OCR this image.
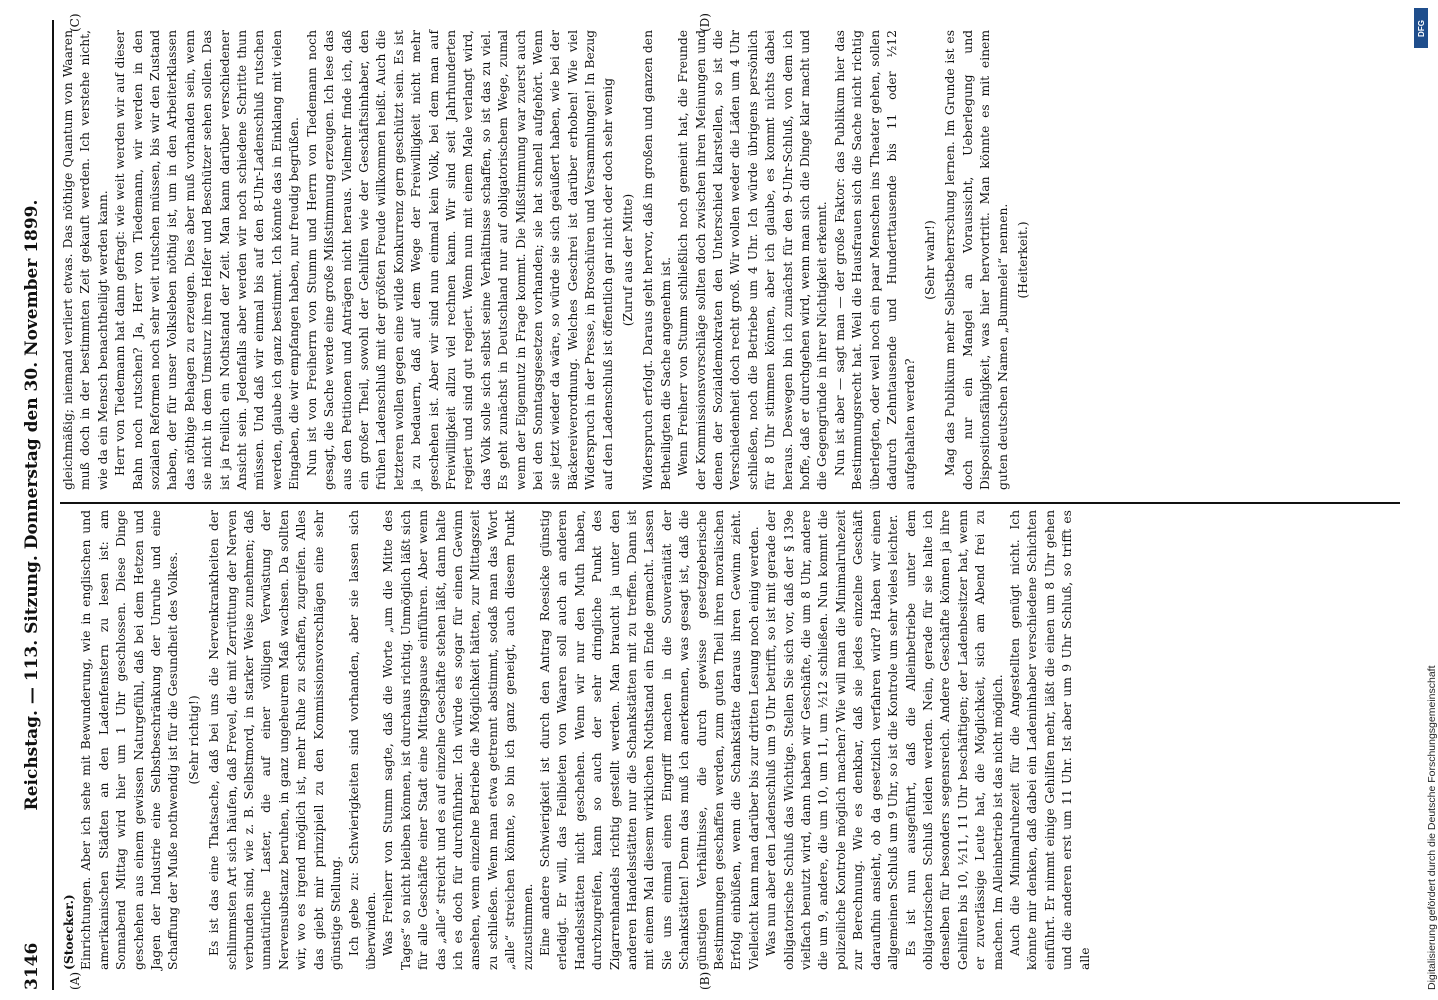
3146
Reichstag. — 113. Sitzung. Donnerstag den 30. November 1899.
(A)	(B)
(C)	(D)

(Stoecker.) Einrichtungen. Aber ich sehe mit Bewunderung, wie in englischen und amerikanischen Städten an den Ladenfenstern zu lesen ist: am Sonnabend Mittag wird hier um 1 Uhr geschlossen. Diese Dinge geschehen aus einem gewissen Naturgefühl, daß bei dem Hetzen und Jagen der Industrie eine Selbstbeschränkung der Unruhe und eine Schaffung der Muße nothwendig ist für die Gesundheit des Volkes. (Sehr richtig!) Es ist das eine Thatsache, daß bei uns die Nervenkrankheiten der schlimmsten Art sich häufen, daß Frevel, die mit Zerrüttung der Nerven verbunden sind, wie z. B. Selbstmord, in starker Weise zunehmen; daß unnatürliche Laster, die auf einer völligen Verwüstung der Nervensubstanz beruhen, in ganz ungeheurem Maß wachsen. Da sollten wir, wo es irgend möglich ist, mehr Ruhe zu schaffen, zugreifen. Alles das giebt mir prinzipiell zu den Kommissionsvorschlägen eine sehr günstige Stellung. Ich gebe zu: Schwierigkeiten sind vorhanden, aber sie lassen sich überwinden. Was Freiherr von Stumm sagte, daß die Worte „um die Mitte des Tages“ so nicht bleiben können, ist durchaus richtig. Unmöglich läßt sich für alle Geschäfte einer Stadt eine Mittagspause einführen. Aber wenn das „alle“ streicht und es auf einzelne Geschäfte stehen läßt, dann halte ich es doch für durchführbar. Ich würde es sogar für einen Gewinn ansehen, wenn einzelne Betriebe die Möglichkeit hätten, zur Mittagszeit zu schließen. Wenn man etwa getrennt abstimmt, sodaß man das Wort „alle“ streichen könnte, so bin ich ganz geneigt, auch diesem Punkt zuzustimmen. Eine andere Schwierigkeit ist durch den Antrag Roesicke günstig erledigt. Er will, das Feilbieten von Waaren soll auch an anderen Handelsstätten nicht geschehen. Wenn wir nur den Muth haben, durchzugreifen, kann so auch der sehr dringliche Punkt des Zigarrenhandels richtig gestellt werden. Man braucht ja unter den anderen Handelsstätten nur die Schankstätten mit zu treffen. Dann ist mit einem Mal diesem wirklichen Nothstand ein Ende gemacht. Lassen Sie uns einmal einen Eingriff machen in die Souveränität der Schankstätten! Denn das muß ich anerkennen, was gesagt ist, daß die günstigen Verhältnisse, die durch gewisse gesetzgeberische Bestimmungen geschaffen werden, zum guten Theil ihren moralischen Erfolg einbüßen, wenn die Schankstätte daraus ihren Gewinn zieht. Vielleicht kann man darüber bis zur dritten Lesung noch einig werden. Was nun aber den Ladenschluß um 9 Uhr betrifft, so ist mit gerade der obligatorische Schluß das Wichtige. Stellen Sie sich vor, daß der § 139e vielfach benutzt wird, dann haben wir Geschäfte, die um 8 Uhr, andere die um 9, andere, die um 10, um 11, um ½12 schließen. Nun kommt die polizeiliche Kontrole möglich machen? Wie will man die Minimalruhezeit zur Berechnung. Wie es denkbar, daß sie jedes einzelne Geschäft daraufhin ansieht, ob da gesetzlich verfahren wird? Haben wir einen allgemeinen Schluß um 9 Uhr, so ist die Kontrole um sehr vieles leichter. Es ist nun ausgeführt, daß die Alleinbetriebe unter dem obligatorischen Schluß leiden werden. Nein, gerade für sie halte ich denselben für besonders segensreich. Andere Geschäfte können ja ihre Gehilfen bis 10, ½11, 11 Uhr beschäftigen; der Ladenbesitzer hat, wenn er zuverlässige Leute hat, die Möglichkeit, sich am Abend frei zu machen. Im Alleinbetrieb ist das nicht möglich. Auch die Minimalruhezeit für die Angestellten genügt nicht. Ich könnte mir denken, daß dabei ein Ladeninhaber verschiedene Schichten einführt. Er nimmt einige Gehilfen mehr, läßt die einen um 8 Uhr gehen und die anderen erst um 11 Uhr. Ist aber um 9 Uhr Schluß, so trifft es alle

gleichmäßig; niemand verliert etwas. Das nöthige Quantum von Waaren muß doch in der bestimmten Zeit gekauft werden. Ich verstehe nicht, wie da ein Mensch benachtheiligt werden kann. Herr von Tiedemann hat dann gefragt: wie weit werden wir auf dieser Bahn noch rutschen? Ja, Herr von Tiedemann, wir werden in den sozialen Reformen noch sehr weit rutschen müssen, bis wir den Zustand haben, der für unser Volksleben nöthig ist, um in den Arbeiterklassen das nöthige Behagen zu erzeugen. Dies aber muß vorhanden sein, wenn sie nicht in dem Umsturz ihren Helfer und Beschützer sehen sollen. Das ist ja freilich ein Nothstand der Zeit. Man kann darüber verschiedener Ansicht sein. Jedenfalls aber werden wir noch schiedene Schritte thun müssen. Und daß wir einmal bis auf den 8-Uhr-Ladenschluß rutschen werden, glaube ich ganz bestimmt. Ich könnte das in Einklang mit vielen Eingaben, die wir empfangen haben, nur freudig begrüßen. Nun ist von Freiherrn von Stumm und Herrn von Tiedemann noch gesagt, die Sache werde eine große Mißstimmung erzeugen. Ich lese das aus den Petitionen und Anträgen nicht heraus. Vielmehr finde ich, daß ein großer Theil, sowohl der Gehilfen wie der Geschäftsinhaber, den frühen Ladenschluß mit der größten Freude willkommen heißt. Auch die letzteren wollen gegen eine wilde Konkurrenz gern geschützt sein. Es ist ja zu bedauern, daß auf dem Wege der Freiwilligkeit nicht mehr geschehen ist. Aber wir sind nun einmal kein Volk, bei dem man auf Freiwilligkeit allzu viel rechnen kann. Wir sind seit Jahrhunderten regiert und sind gut regiert. Wenn nun mit einem Male verlangt wird, das Volk solle sich selbst seine Verhältnisse schaffen, so ist das zu viel. Es geht zunächst in Deutschland nur auf obligatorischem Wege, zumal wenn der Eigennutz in Frage kommt. Die Mißstimmung war zuerst auch bei den Sonntagsgesetzen vorhanden; sie hat schnell aufgehört. Wenn sie jetzt wieder da wäre, so würde sie sich geäußert haben, wie bei der Bäckereiverordnung. Welches Geschrei ist darüber erhoben! Wie viel Widerspruch in der Presse, in Broschüren und Versammlungen! In Bezug auf den Ladenschluß ist öffentlich gar nicht oder doch sehr wenig (Zuruf aus der Mitte) Widerspruch erfolgt. Daraus geht hervor, daß im großen und ganzen den Betheiligten die Sache angenehm ist. Wenn Freiherr von Stumm schließlich noch gemeint hat, die Freunde der Kommissionsvorschläge sollten doch zwischen ihren Meinungen und denen der Sozialdemokraten den Unterschied klarstellen, so ist die Verschiedenheit doch recht groß. Wir wollen weder die Läden um 4 Uhr schließen, noch die Betriebe um 4 Uhr. Ich würde übrigens persönlich für 8 Uhr stimmen können, aber ich glaube, es kommt nichts dabei heraus. Deswegen bin ich zunächst für den 9-Uhr-Schluß, von dem ich hoffe, daß er durchgehen wird, wenn man sich die Dinge klar macht und die Gegengründe in ihrer Nichtigkeit erkennt. Nun ist aber — sagt man — der große Faktor: das Publikum hier das Bestimmungsrecht hat. Weil die Hausfrauen sich die Sache nicht richtig überlegten, oder weil noch ein paar Menschen ins Theater gehen, sollen dadurch Zehntausende und Hunderttausende bis 11 oder ½12 aufgehalten werden?

(Sehr wahr!) Mag das Publikum mehr Selbstbeherrschung lernen. Im Grunde ist es doch nur ein Mangel an Voraussicht, Ueberlegung und Dispositionsfähigkeit, was hier hervortritt. Man könnte es mit einem guten deutschen Namen „Bummelei“ nennen. (Heiterkeit.)

DFG
Digitalisierung gefördert durch die Deutsche Forschungsgemeinschaft
